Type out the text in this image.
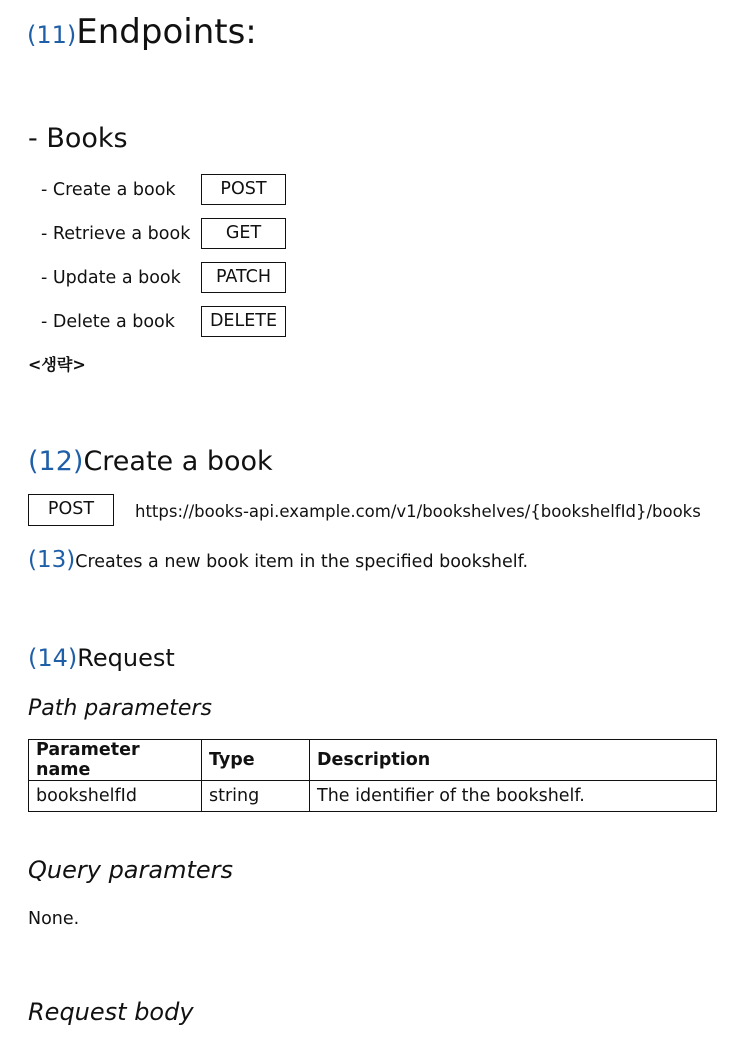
(11)Endpoints:
- Books
- Create a book	POST
- Retrieve a book	GET
- Update a book	PATCH
- Delete a book	DELETE
<생략>
(12)Create a book
POST	https://books-api.example.com/v1/bookshelves/{bookshelfId}/books
(13)Creates a new book item in the specified bookshelf.
(14)Request
Path parameters
Parameter name	Type	Description
bookshelfId	string	The identifier of the bookshelf.
Query paramters
None.
Request body
